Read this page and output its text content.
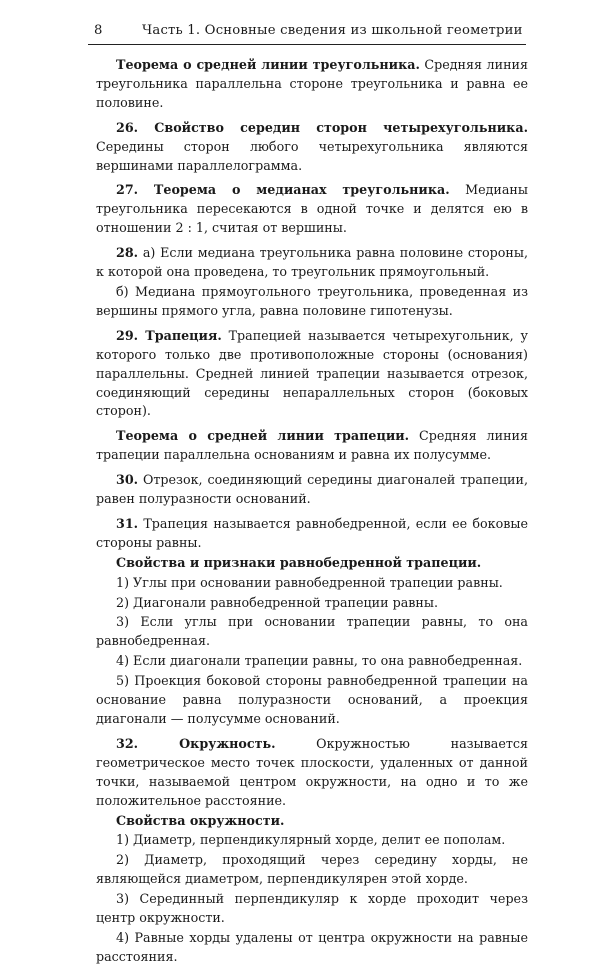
8	Часть 1. Основные сведения из школьной геометрии

Теорема о средней линии треугольника. Средняя линия треугольника параллельна стороне треугольника и равна ее половине.

26. Свойство середин сторон четырехугольника. Середины сторон любого четырехугольника являются вершинами параллелограмма.

27. Теорема о медианах треугольника. Медианы треугольника пересекаются в одной точке и делятся ею в отношении 2 : 1, считая от вершины.

28. а) Если медиана треугольника равна половине стороны, к которой она проведена, то треугольник прямоугольный.

б) Медиана прямоугольного треугольника, проведенная из вершины прямого угла, равна половине гипотенузы.

29. Трапеция. Трапецией называется четырехугольник, у которого только две противоположные стороны (основания) параллельны. Средней линией трапеции называется отрезок, соединяющий середины непараллельных сторон (боковых сторон).

Теорема о средней линии трапеции. Средняя линия трапеции параллельна основаниям и равна их полусумме.

30. Отрезок, соединяющий середины диагоналей трапеции, равен полуразности оснований.

31. Трапеция называется равнобедренной, если ее боковые стороны равны.

Свойства и признаки равнобедренной трапеции.

1) Углы при основании равнобедренной трапеции равны.

2) Диагонали равнобедренной трапеции равны.

3) Если углы при основании трапеции равны, то она равнобедренная.

4) Если диагонали трапеции равны, то она равнобедренная.

5) Проекция боковой стороны равнобедренной трапеции на основание равна полуразности оснований, а проекция диагонали — полусумме оснований.

32. Окружность. Окружностью называется геометрическое место точек плоскости, удаленных от данной точки, называемой центром окружности, на одно и то же положительное расстояние.

Свойства окружности.

1) Диаметр, перпендикулярный хорде, делит ее пополам.

2) Диаметр, проходящий через середину хорды, не являющейся диаметром, перпендикулярен этой хорде.

3) Серединный перпендикуляр к хорде проходит через центр окружности.

4) Равные хорды удалены от центра окружности на равные расстояния.
